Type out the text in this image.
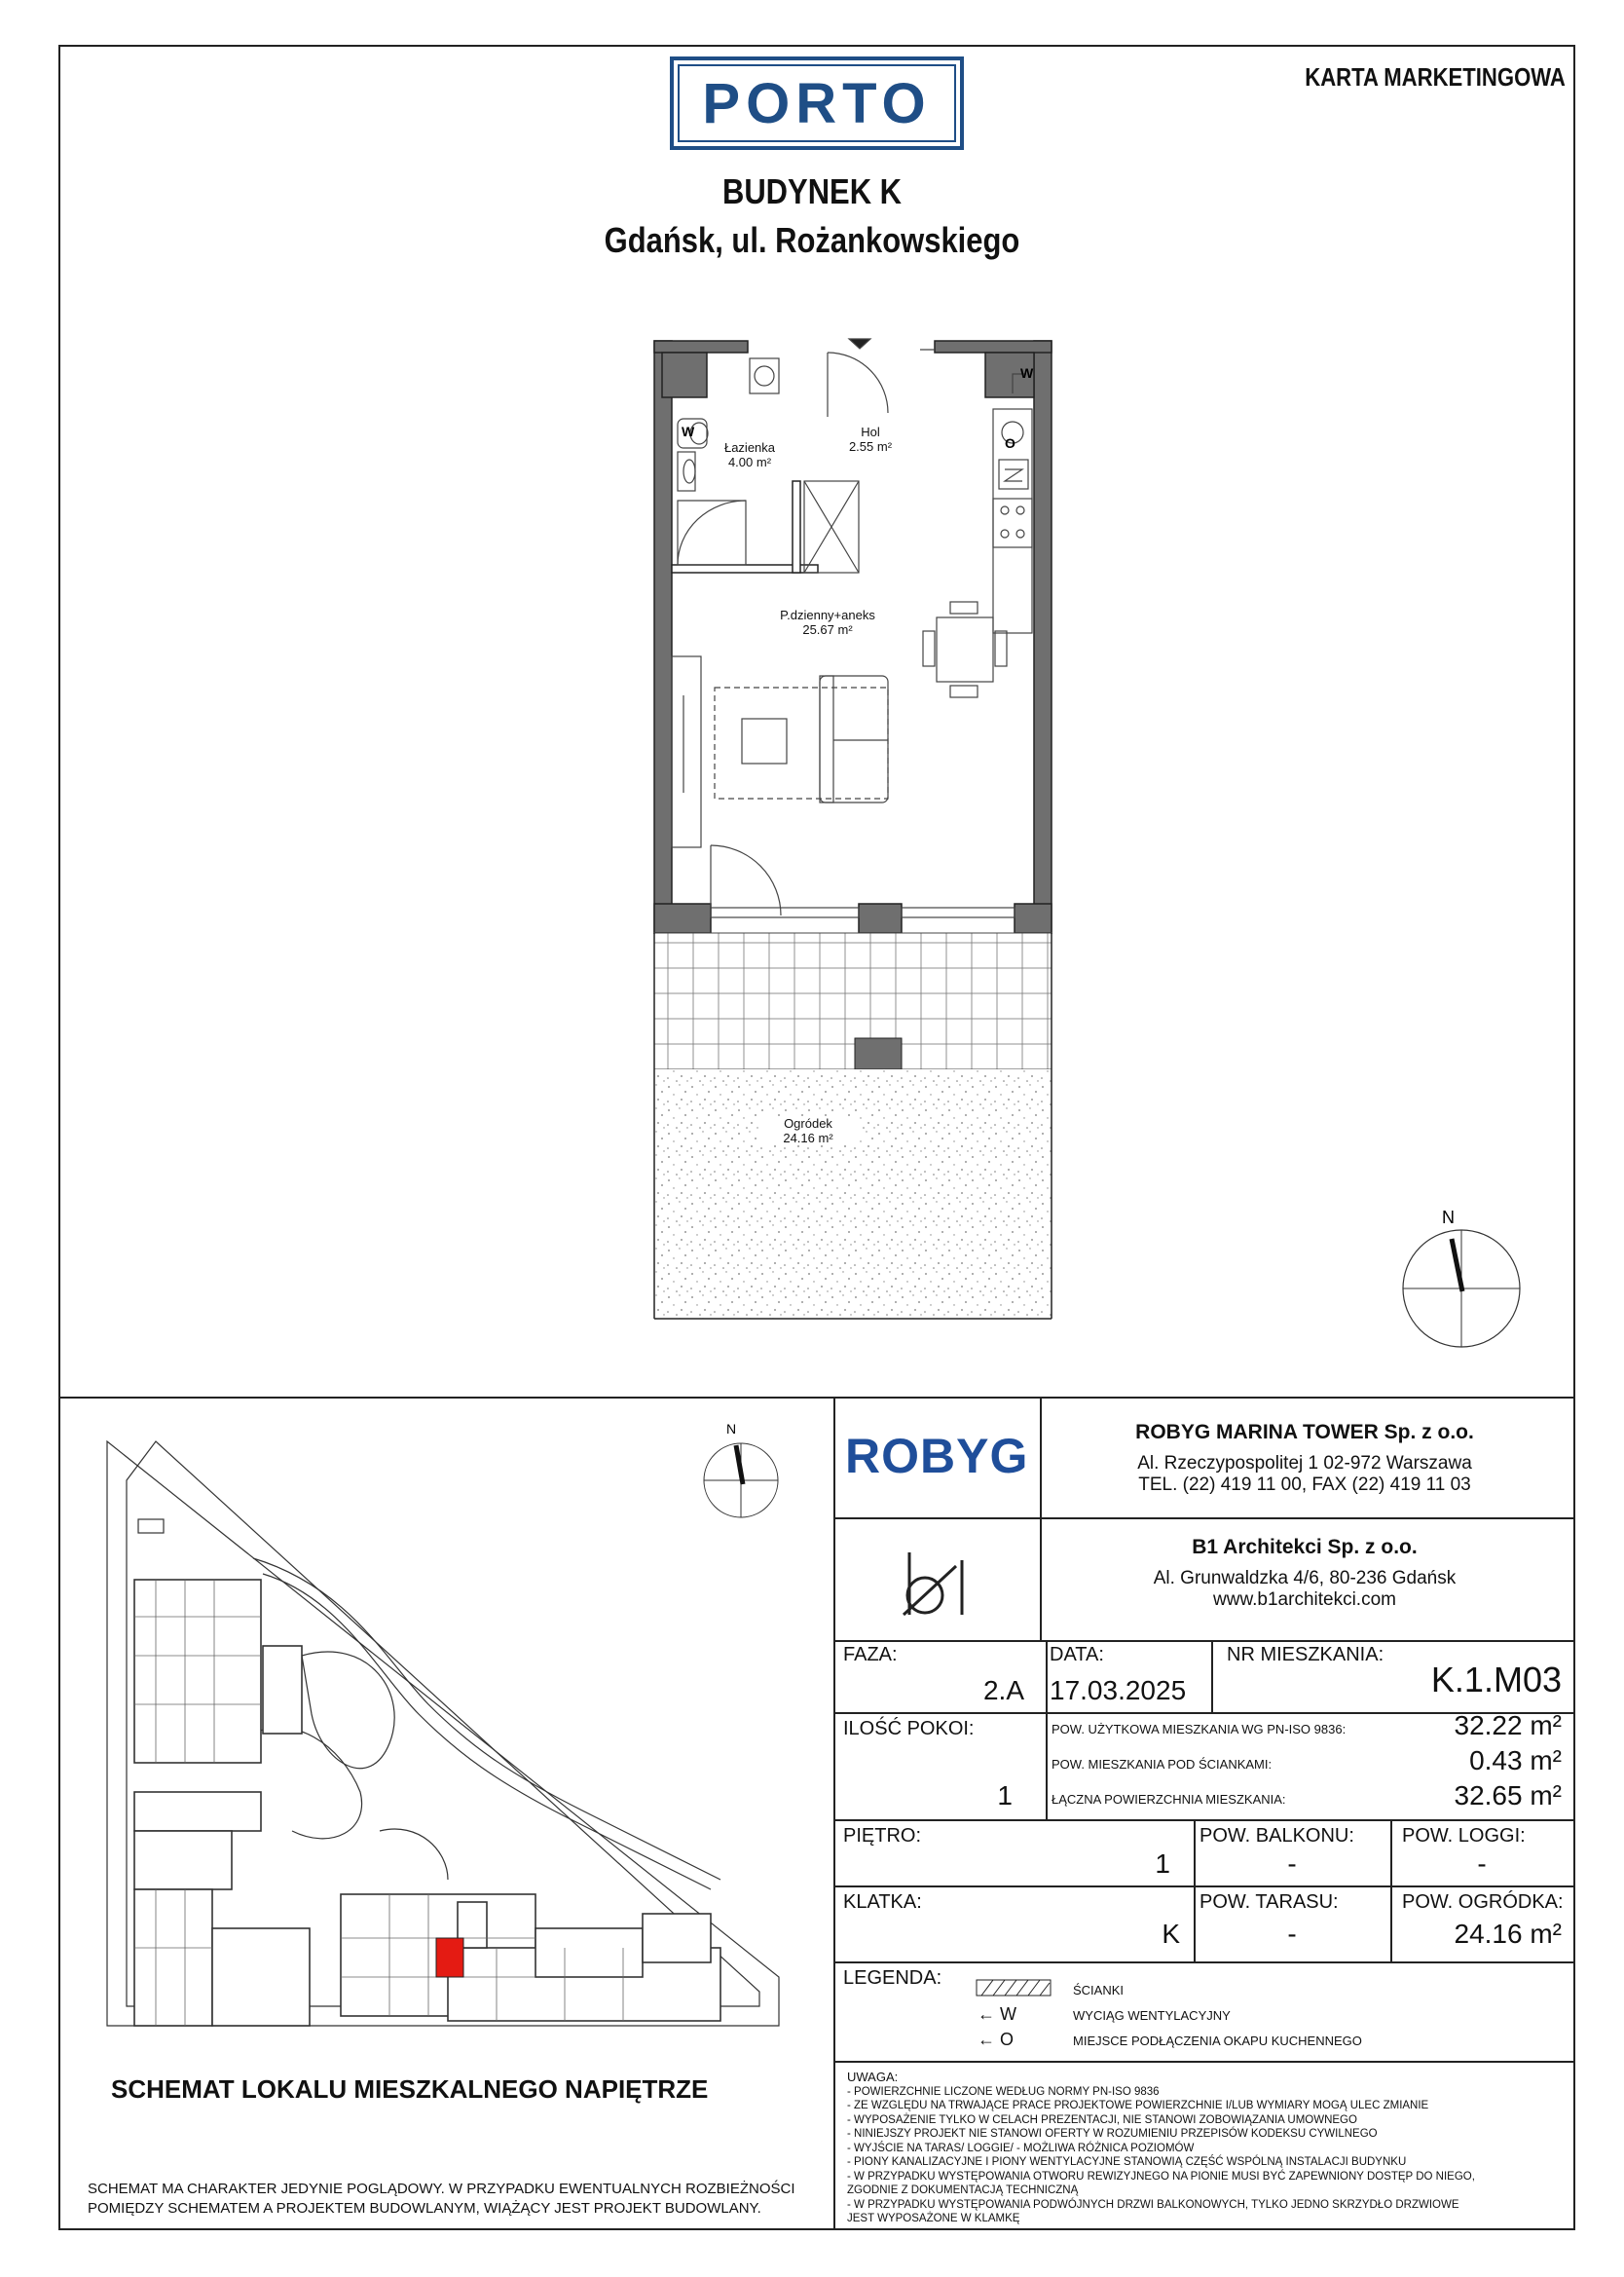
PORTO	KARTA MARKETINGOWA
BUDYNEK K
Gdańsk, ul. Rożankowskiego
W
W
O
Łazienka
4.00 m²
Hol
2.55 m²
P.dzienny+aneks
25.67 m²
Ogródek
24.16 m²
N
N
SCHEMAT LOKALU MIESZKALNEGO NAPIĘTRZE
SCHEMAT MA CHARAKTER JEDYNIE POGLĄDOWY. W PRZYPADKU EWENTUALNYCH ROZBIEŻNOŚCI
POMIĘDZY SCHEMATEM A PROJEKTEM BUDOWLANYM, WIĄŻĄCY JEST PROJEKT BUDOWLANY.
ROBYG	ROBYG MARINA TOWER Sp. z o.o.
Al. Rzeczypospolitej 1 02-972 Warszawa
TEL. (22) 419 11 00, FAX (22) 419 11 03
B1 Architekci Sp. z o.o.
Al. Grunwaldzka 4/6, 80-236 Gdańsk
www.b1architekci.com
FAZA:
2.A
DATA:
17.03.2025
NR MIESZKANIA:
K.1.M03
ILOŚĆ POKOI:
1
POW. UŻYTKOWA MIESZKANIA WG PN-ISO 9836:	32.22 m²
POW. MIESZKANIA POD ŚCIANKAMI:	0.43 m²
ŁĄCZNA POWIERZCHNIA MIESZKANIA:	32.65 m²
PIĘTRO:
1
POW. BALKONU:
-
POW. LOGGI:
-
KLATKA:
K
POW. TARASU:
-
POW. OGRÓDKA:
24.16 m²
LEGENDA:
ŚCIANKI
← W	WYCIĄG WENTYLACYJNY
← O	MIEJSCE PODŁĄCZENIA OKAPU KUCHENNEGO
UWAGA:
- POWIERZCHNIE LICZONE WEDŁUG NORMY PN-ISO 9836
- ZE WZGLĘDU NA TRWAJĄCE PRACE PROJEKTOWE POWIERZCHNIE I/LUB WYMIARY MOGĄ ULEC ZMIANIE
- WYPOSAŻENIE TYLKO W CELACH PREZENTACJI, NIE STANOWI ZOBOWIĄZANIA UMOWNEGO
- NINIEJSZY PROJEKT NIE STANOWI OFERTY W ROZUMIENIU PRZEPISÓW KODEKSU CYWILNEGO
- WYJŚCIE NA TARAS/ LOGGIE/ - MOŻLIWA RÓŻNICA POZIOMÓW
- PIONY KANALIZACYJNE I PIONY WENTYLACYJNE STANOWIĄ CZĘŚĆ WSPÓLNĄ INSTALACJI BUDYNKU
- W PRZYPADKU WYSTĘPOWANIA OTWORU REWIZYJNEGO NA PIONIE MUSI BYĆ ZAPEWNIONY DOSTĘP DO NIEGO,
ZGODNIE Z DOKUMENTACJĄ TECHNICZNĄ
- W PRZYPADKU WYSTĘPOWANIA PODWÓJNYCH DRZWI BALKONOWYCH, TYLKO JEDNO SKRZYDŁO DRZWIOWE
JEST WYPOSAŻONE W KLAMKĘ
